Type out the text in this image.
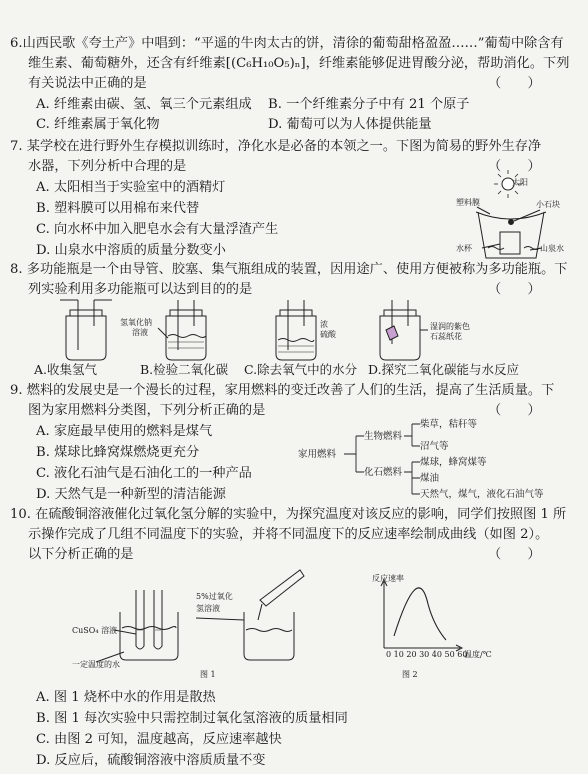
6.山西民歌《夸土产》中唱到：“平遥的牛肉太古的饼，清徐的葡萄甜格盈盈……”葡萄中除含有
维生素、葡萄糖外，还含有纤维素[(C₆H₁₀O₅)ₙ]，纤维素能够促进胃酸分泌，帮助消化。下列
有关说法中正确的是	（　　）
A. 纤维素由碳、氢、氧三个元素组成 B. 一个纤维素分子中有 21 个原子
C. 纤维素属于氧化物	D. 葡萄可以为人体提供能量
7. 某学校在进行野外生存模拟训练时，净化水是必备的本领之一。下图为简易的野外生存净
水器，下列分析中合理的是	（　　）
A. 太阳相当于实验室中的酒精灯
B. 塑料膜可以用棉布来代替
C. 向水杯中加入肥皂水会有大量浮渣产生
D. 山泉水中溶质的质量分数变小
太阳
塑料膜	小石块
水杯	山泉水
8. 多功能瓶是一个由导管、胶塞、集气瓶组成的装置，因用途广、使用方便被称为多功能瓶。下
列实验利用多功能瓶可以达到目的的是	（　　）
氢氧化钠
溶液
浓
硫酸
湿润的紫色
石蕊纸花
A.收集氢气	B.检验二氧化碳 C.除去氧气中的水分 D.探究二氧化碳能与水反应
9. 燃料的发展史是一个漫长的过程，家用燃料的变迁改善了人们的生活，提高了生活质量。下
图为家用燃料分类图，下列分析正确的是	（　　）
A. 家庭最早使用的燃料是煤气
B. 煤球比蜂窝煤燃烧更充分
C. 液化石油气是石油化工的一种产品
D. 天然气是一种新型的清洁能源
家用燃料
生物燃料
化石燃料
柴草，秸秆等
沼气等
煤球，蜂窝煤等
煤油
天然气，煤气，液化石油气等
10. 在硫酸铜溶液催化过氧化氢分解的实验中，为探究温度对该反应的影响，同学们按照图 1 所
示操作完成了几组不同温度下的实验，并将不同温度下的反应速率绘制成曲线（如图 2）。
以下分析正确的是	（　　）
5%过氧化
氢溶液
CuSO₄ 溶液
一定温度的水
图 1
反应速率
0 10 20 30 40 50 60
温度/℃
图 2
A. 图 1 烧杯中水的作用是散热
B. 图 1 每次实验中只需控制过氧化氢溶液的质量相同
C. 由图 2 可知，温度越高，反应速率越快
D. 反应后，硫酸铜溶液中溶质质量不变
